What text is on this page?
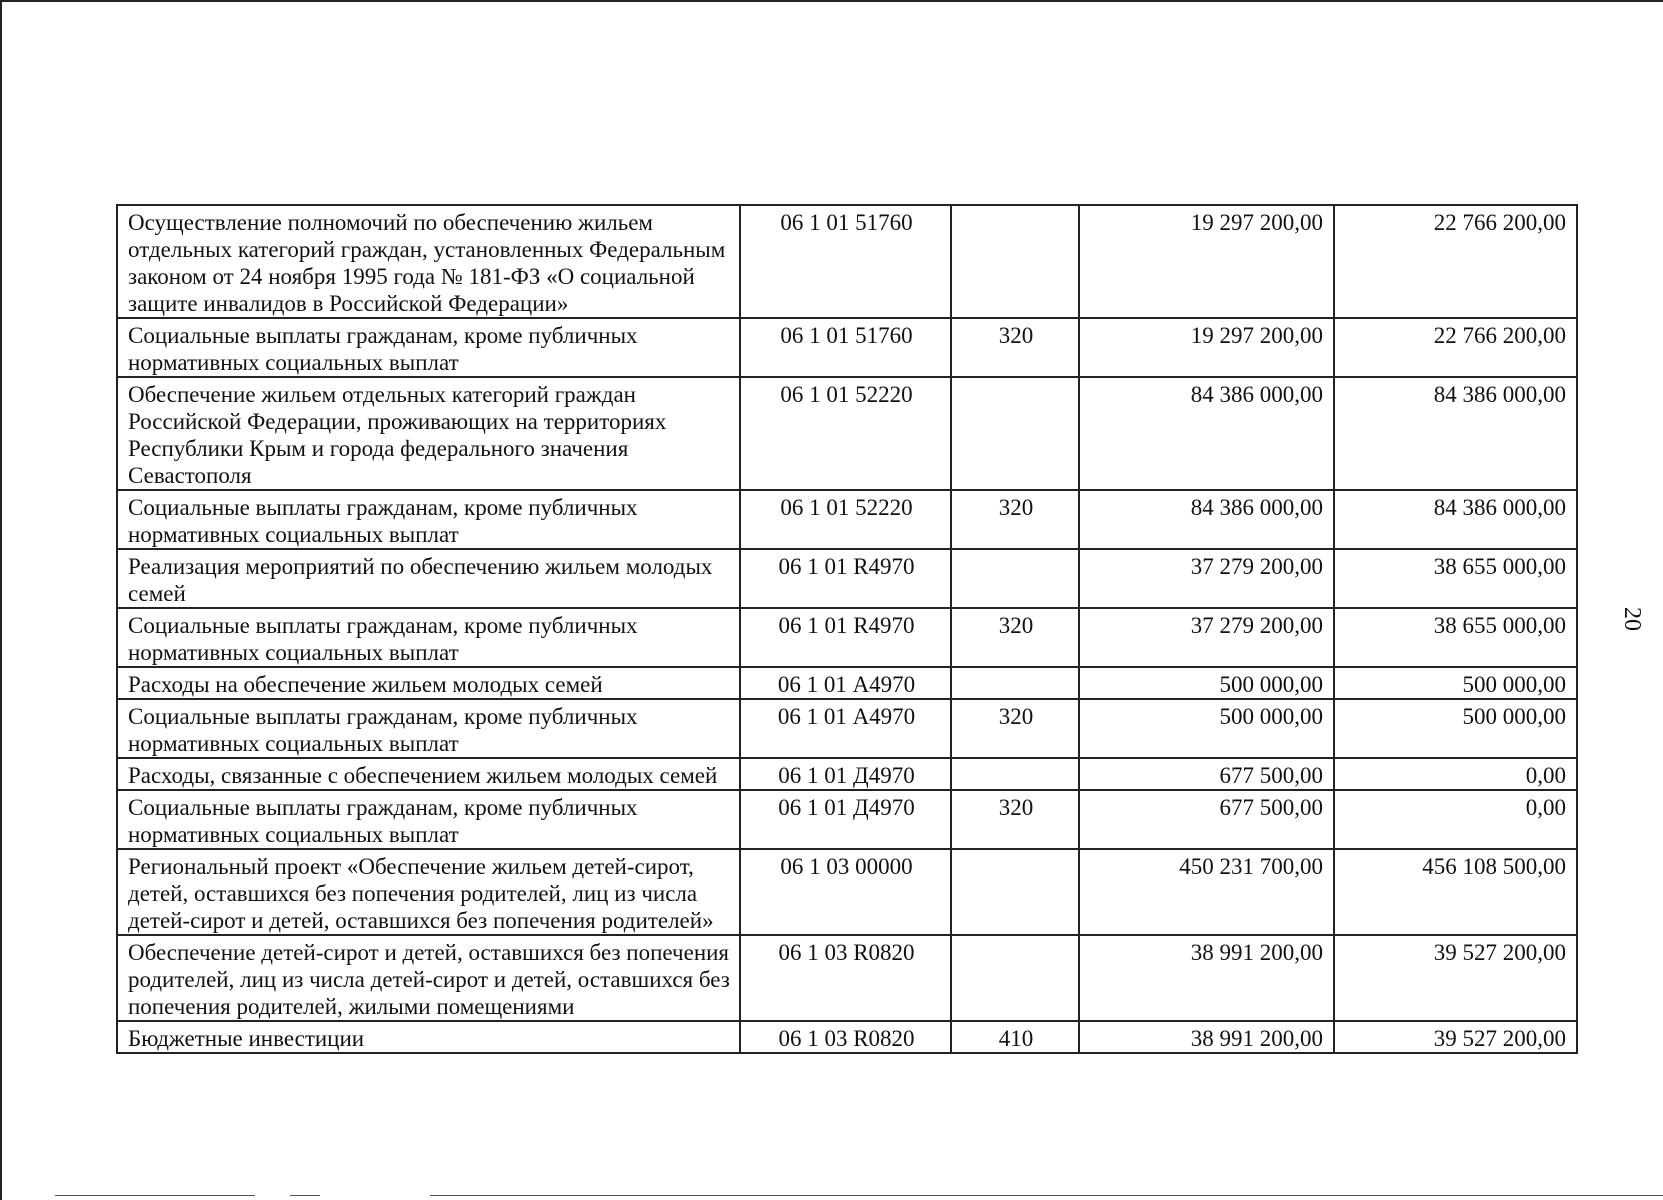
Осуществление полномочий по обеспечению жильем отдельных категорий граждан, установленных Федеральным законом от 24 ноября 1995 года № 181-ФЗ «О социальной защите инвалидов в Российской Федерации»	06 1 01 51760		19 297 200,00	22 766 200,00
Социальные выплаты гражданам, кроме публичных нормативных социальных выплат	06 1 01 51760	320	19 297 200,00	22 766 200,00
Обеспечение жильем отдельных категорий граждан Российской Федерации, проживающих на территориях Республики Крым и города федерального значения Севастополя	06 1 01 52220		84 386 000,00	84 386 000,00
Социальные выплаты гражданам, кроме публичных нормативных социальных выплат	06 1 01 52220	320	84 386 000,00	84 386 000,00
Реализация мероприятий по обеспечению жильем молодых семей	06 1 01 R4970		37 279 200,00	38 655 000,00
Социальные выплаты гражданам, кроме публичных нормативных социальных выплат	06 1 01 R4970	320	37 279 200,00	38 655 000,00
Расходы на обеспечение жильем молодых семей	06 1 01 А4970		500 000,00	500 000,00
Социальные выплаты гражданам, кроме публичных нормативных социальных выплат	06 1 01 А4970	320	500 000,00	500 000,00
Расходы, связанные с обеспечением жильем молодых семей	06 1 01 Д4970		677 500,00	0,00
Социальные выплаты гражданам, кроме публичных нормативных социальных выплат	06 1 01 Д4970	320	677 500,00	0,00
Региональный проект «Обеспечение жильем детей-сирот, детей, оставшихся без попечения родителей, лиц из числа детей-сирот и детей, оставшихся без попечения родителей»	06 1 03 00000		450 231 700,00	456 108 500,00
Обеспечение детей-сирот и детей, оставшихся без попечения родителей, лиц из числа детей-сирот и детей, оставшихся без попечения родителей, жилыми помещениями	06 1 03 R0820		38 991 200,00	39 527 200,00
Бюджетные инвестиции	06 1 03 R0820	410	38 991 200,00	39 527 200,00
20
